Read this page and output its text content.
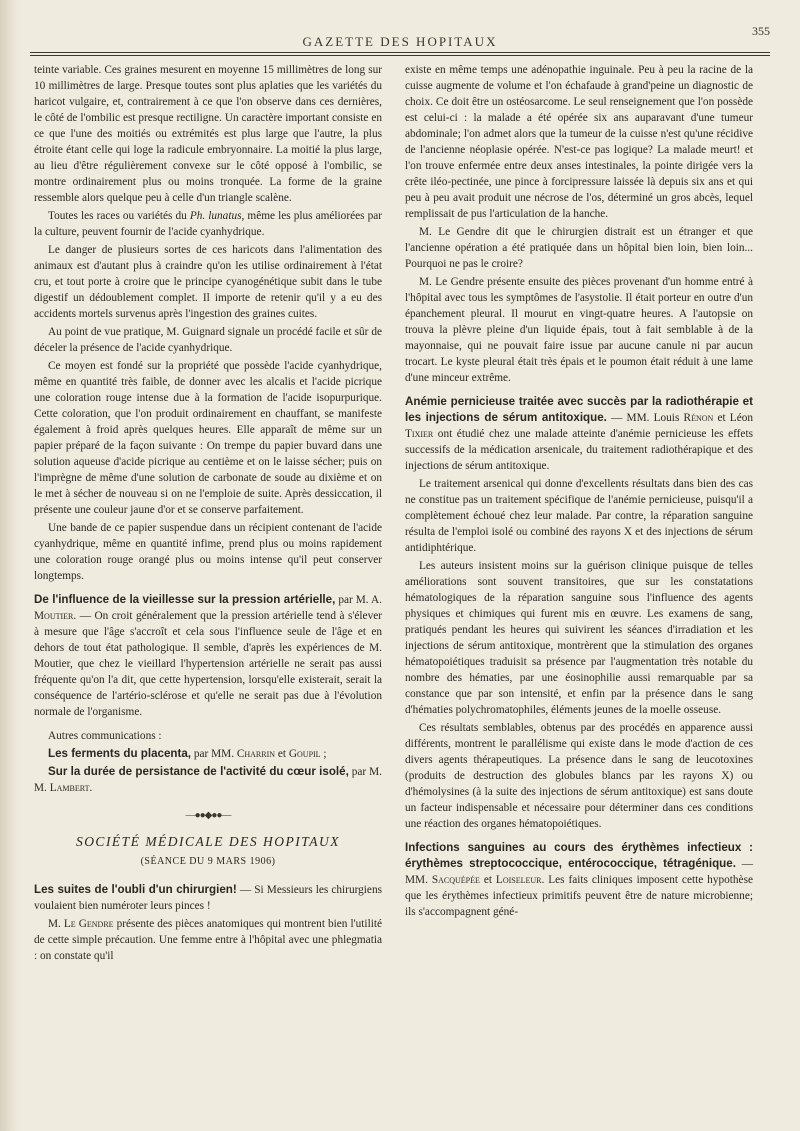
GAZETTE DES HOPITAUX
355

teinte variable. Ces graines mesurent en moyenne 15 millimètres de long sur 10 millimètres de large. Presque toutes sont plus aplaties que les variétés du haricot vulgaire, et, contrairement à ce que l'on observe dans ces dernières, le côté de l'ombilic est presque rectiligne. Un caractère important consiste en ce que l'une des moitiés ou extrémités est plus large que l'autre, la plus étroite étant celle qui loge la radicule embryonnaire. La moitié la plus large, au lieu d'être régulièrement convexe sur le côté opposé à l'ombilic, se montre ordinairement plus ou moins tronquée. La forme de la graine ressemble alors quelque peu à celle d'un triangle scalène.

Toutes les races ou variétés du Ph. lunatus, même les plus améliorées par la culture, peuvent fournir de l'acide cyanhydrique.

Le danger de plusieurs sortes de ces haricots dans l'alimentation des animaux est d'autant plus à craindre qu'on les utilise ordinairement à l'état cru, et tout porte à croire que le principe cyanogénétique subit dans le tube digestif un dédoublement complet. Il importe de retenir qu'il y a eu des accidents mortels survenus après l'ingestion des graines cuites.

Au point de vue pratique, M. Guignard signale un procédé facile et sûr de déceler la présence de l'acide cyanhydrique.

Ce moyen est fondé sur la propriété que possède l'acide cyanhydrique, même en quantité très faible, de donner avec les alcalis et l'acide picrique une coloration rouge intense due à la formation de l'acide isopurpurique. Cette coloration, que l'on produit ordinairement en chauffant, se manifeste également à froid après quelques heures. Elle apparaît de même sur un papier préparé de la façon suivante : On trempe du papier buvard dans une solution aqueuse d'acide picrique au centième et on le laisse sécher; puis on l'imprègne de même d'une solution de carbonate de soude au dixième et on le met à sécher de nouveau si on ne l'emploie de suite. Après dessiccation, il présente une couleur jaune d'or et se conserve parfaitement.

Une bande de ce papier suspendue dans un récipient contenant de l'acide cyanhydrique, même en quantité infime, prend plus ou moins rapidement une coloration rouge orangé plus ou moins intense qu'il peut conserver longtemps.

De l'influence de la vieillesse sur la pression artérielle, par M. A. Moutier. — On croit généralement que la pression artérielle tend à s'élever à mesure que l'âge s'accroît et cela sous l'influence seule de l'âge et en dehors de tout état pathologique. Il semble, d'après les expériences de M. Moutier, que chez le vieillard l'hypertension artérielle ne serait pas aussi fréquente qu'on l'a dit, que cette hypertension, lorsqu'elle existerait, serait la conséquence de l'artério-sclérose et qu'elle ne serait pas due à l'évolution normale de l'organisme.

Autres communications :

Les ferments du placenta, par MM. Charrin et Goupil ;

Sur la durée de persistance de l'activité du cœur isolé, par M. M. Lambert.

—●●◆●●—
SOCIÉTÉ MÉDICALE DES HOPITAUX
(SÉANCE DU 9 MARS 1906)

Les suites de l'oubli d'un chirurgien! — Si Messieurs les chirurgiens voulaient bien numéroter leurs pinces !

M. Le Gendre présente des pièces anatomiques qui montrent bien l'utilité de cette simple précaution. Une femme entre à l'hôpital avec une phlegmatia : on constate qu'il

existe en même temps une adénopathie inguinale. Peu à peu la racine de la cuisse augmente de volume et l'on échafaude à grand'peine un diagnostic de choix. Ce doit être un ostéosarcome. Le seul renseignement que l'on possède est celui-ci : la malade a été opérée six ans auparavant d'une tumeur abdominale; l'on admet alors que la tumeur de la cuisse n'est qu'une récidive de l'ancienne néoplasie opérée. N'est-ce pas logique? La malade meurt! et l'on trouve enfermée entre deux anses intestinales, la pointe dirigée vers la crête iléo-pectinée, une pince à forcipressure laissée là depuis six ans et qui peu à peu avait produit une nécrose de l'os, déterminé un gros abcès, lequel remplissait de pus l'articulation de la hanche.

M. Le Gendre dit que le chirurgien distrait est un étranger et que l'ancienne opération a été pratiquée dans un hôpital bien loin, bien loin... Pourquoi ne pas le croire?

M. Le Gendre présente ensuite des pièces provenant d'un homme entré à l'hôpital avec tous les symptômes de l'asystolie. Il était porteur en outre d'un épanchement pleural. Il mourut en vingt-quatre heures. A l'autopsie on trouva la plèvre pleine d'un liquide épais, tout à fait semblable à de la mayonnaise, qui ne pouvait faire issue par aucune canule ni par aucun trocart. Le kyste pleural était très épais et le poumon était réduit à une lame d'une minceur extrême.

Anémie pernicieuse traitée avec succès par la radiothérapie et les injections de sérum antitoxique. — MM. Louis Rénon et Léon Tixier ont étudié chez une malade atteinte d'anémie pernicieuse les effets successifs de la médication arsenicale, du traitement radiothérapique et des injections de sérum antitoxique.

Le traitement arsenical qui donne d'excellents résultats dans bien des cas ne constitue pas un traitement spécifique de l'anémie pernicieuse, puisqu'il a complètement échoué chez leur malade. Par contre, la réparation sanguine résulta de l'emploi isolé ou combiné des rayons X et des injections de sérum antidiphtérique.

Les auteurs insistent moins sur la guérison clinique puisque de telles améliorations sont souvent transitoires, que sur les constatations hématologiques de la réparation sanguine sous l'influence des agents physiques et chimiques qui furent mis en œuvre. Les examens de sang, pratiqués pendant les heures qui suivirent les séances d'irradiation et les injections de sérum antitoxique, montrèrent que la stimulation des organes hématopoiétiques traduisit sa présence par l'augmentation très notable du nombre des hématies, par une éosinophilie aussi remarquable par sa constance que par son intensité, et enfin par la présence dans le sang d'hématies polychromatophiles, éléments jeunes de la moelle osseuse.

Ces résultats semblables, obtenus par des procédés en apparence aussi différents, montrent le parallélisme qui existe dans le mode d'action de ces divers agents thérapeutiques. La présence dans le sang de leucotoxines (produits de destruction des globules blancs par les rayons X) ou d'hémolysines (à la suite des injections de sérum antitoxique) est sans doute un facteur indispensable et nécessaire pour déterminer dans ces conditions une réaction des organes hématopoiétiques.

Infections sanguines au cours des érythèmes infectieux : érythèmes streptococcique, entérococcique, tétragénique. — MM. Sacquépée et Loiseleur. Les faits cliniques imposent cette hypothèse que les érythèmes infectieux primitifs peuvent être de nature microbienne; ils s'accompagnent géné-
